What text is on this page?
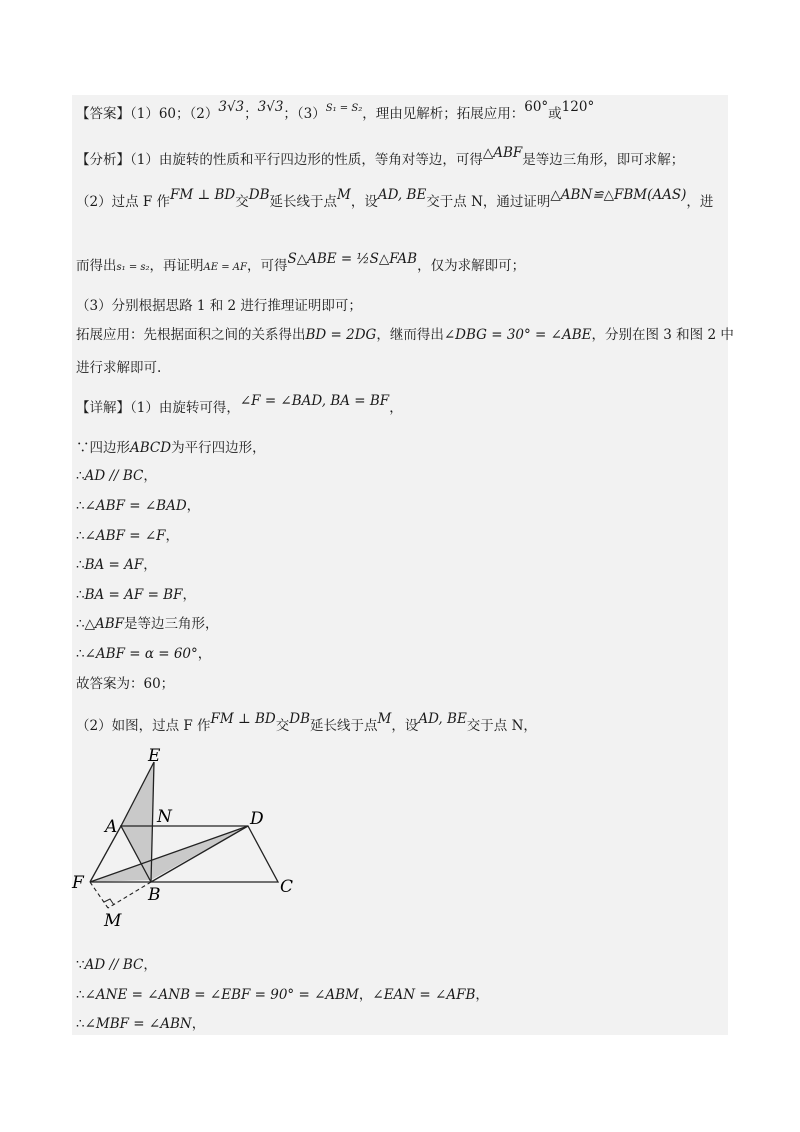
【答案】（1）60；（2）3√3；3√3；$(3)^{S_1 = S_2}$，理由见解析；拓展应用：60°或120°
【分析】（1）由旋转的性质和平行四边形的性质，等角对等边，可得△ABF是等边三角形，即可求解；
（2）过点 F 作FM ⊥ BD交DB延长线于点M，设AD, BE交于点 N，通过证明△ABN≌△FBM(AAS)，进
而得出s₁ = s₂，再证明AE = AF，可得S△ABE = ½S△FAB，仅为求解即可；
（3）分别根据思路 1 和 2 进行推理证明即可；
拓展应用：先根据面积之间的关系得出BD = 2DG，继而得出∠DBG = 30° = ∠ABE，分别在图 3 和图 2 中
进行求解即可.
【详解】（1）由旋转可得，∠F = ∠BAD, BA = BF，
∵四边形ABCD为平行四边形，
∴AD // BC，
∴∠ABF = ∠BAD，
∴∠ABF = ∠F，
∴BA = AF，
∴BA = AF = BF，
∴△ABF是等边三角形，
∴∠ABF = α = 60°，
故答案为：60；
（2）如图，过点 F 作FM ⊥ BD交DB延长线于点M，设AD, BE交于点 N，
E
N
A	D
F
B	C
M
∵AD // BC，
∴∠ANE = ∠ANB = ∠EBF = 90° = ∠ABM，∠EAN = ∠AFB，
∴∠MBF = ∠ABN，
